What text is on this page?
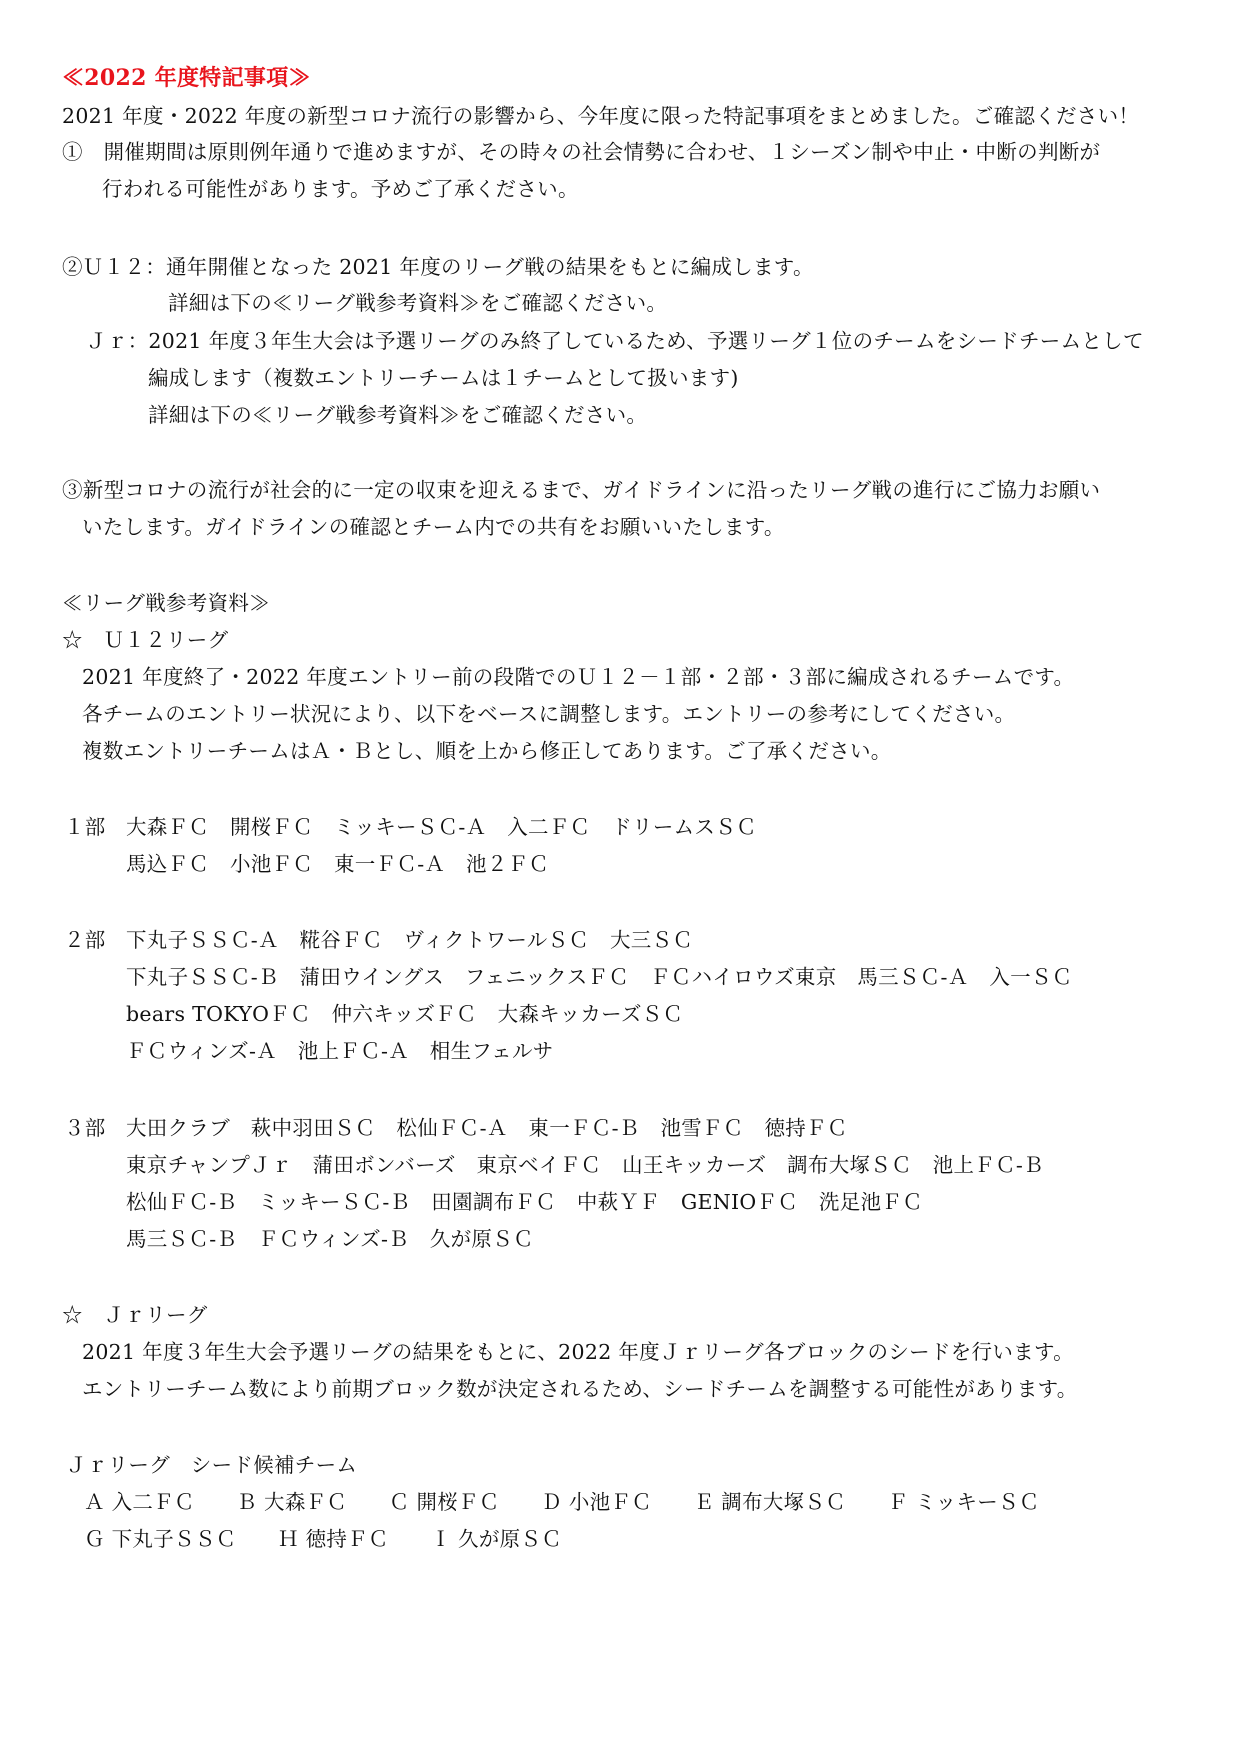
≪2022 年度特記事項≫
2021 年度・2022 年度の新型コロナ流行の影響から、今年度に限った特記事項をまとめました。ご確認ください！
①　開催期間は原則例年通りで進めますが、その時々の社会情勢に合わせ、１シーズン制や中止・中断の判断が
行われる可能性があります。予めご了承ください。
②Ｕ１２：通年開催となった 2021 年度のリーグ戦の結果をもとに編成します。
詳細は下の≪リーグ戦参考資料≫をご確認ください。
Ｊｒ：2021 年度３年生大会は予選リーグのみ終了しているため、予選リーグ１位のチームをシードチームとして
編成します（複数エントリーチームは１チームとして扱います)
詳細は下の≪リーグ戦参考資料≫をご確認ください。
③新型コロナの流行が社会的に一定の収束を迎えるまで、ガイドラインに沿ったリーグ戦の進行にご協力お願い
いたします。ガイドラインの確認とチーム内での共有をお願いいたします。
≪リーグ戦参考資料≫
☆　Ｕ１２リーグ
2021 年度終了・2022 年度エントリー前の段階でのＵ１２－１部・２部・３部に編成されるチームです。
各チームのエントリー状況により、以下をベースに調整します。エントリーの参考にしてください。
複数エントリーチームはＡ・Ｂとし、順を上から修正してあります。ご了承ください。
１部 大森ＦＣ　開桜ＦＣ　ミッキーＳＣ‐Ａ　入二ＦＣ　ドリームスＳＣ
馬込ＦＣ　小池ＦＣ　東一ＦＣ‐Ａ　池２ＦＣ
２部 下丸子ＳＳＣ‐Ａ　糀谷ＦＣ　ヴィクトワールＳＣ　大三ＳＣ
下丸子ＳＳＣ‐Ｂ　蒲田ウイングス　フェニックスＦＣ　ＦＣハイロウズ東京　馬三ＳＣ‐Ａ　入一ＳＣ
bears TOKYOＦＣ　仲六キッズＦＣ　大森キッカーズＳＣ
ＦＣウィンズ‐Ａ　池上ＦＣ‐Ａ　相生フェルサ
３部 大田クラブ　萩中羽田ＳＣ　松仙ＦＣ‐Ａ　東一ＦＣ‐Ｂ　池雪ＦＣ　徳持ＦＣ
東京チャンプＪｒ　蒲田ボンバーズ　東京ベイＦＣ　山王キッカーズ　調布大塚ＳＣ　池上ＦＣ‐Ｂ
松仙ＦＣ‐Ｂ　ミッキーＳＣ‐Ｂ　田園調布ＦＣ　中萩ＹＦ　GENIOＦＣ　洗足池ＦＣ
馬三ＳＣ‐Ｂ　ＦＣウィンズ‐Ｂ　久が原ＳＣ
☆　Ｊｒリーグ
2021 年度３年生大会予選リーグの結果をもとに、2022 年度Ｊｒリーグ各ブロックのシードを行います。
エントリーチーム数により前期ブロック数が決定されるため、シードチームを調整する可能性があります。
Ｊｒリーグ　シード候補チーム
Ａ 入二ＦＣ　　Ｂ 大森ＦＣ　　Ｃ 開桜ＦＣ　　Ｄ 小池ＦＣ　　Ｅ 調布大塚ＳＣ　　Ｆ ミッキーＳＣ
Ｇ 下丸子ＳＳＣ　　Ｈ 徳持ＦＣ　　Ｉ 久が原ＳＣ
